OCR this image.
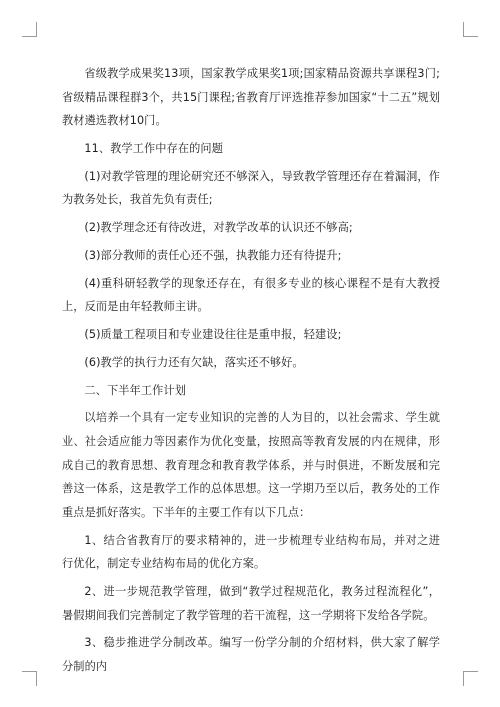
省级教学成果奖13项，国家教学成果奖1项;国家精品资源共享课程3门;省级精品课程群3个，共15门课程;省教育厅评选推荐参加国家“十二五”规划教材遴选教材10门。

11、教学工作中存在的问题

(1)对教学管理的理论研究还不够深入，导致教学管理还存在着漏洞，作为教务处长，我首先负有责任;

(2)教学理念还有待改进，对教学改革的认识还不够高;

(3)部分教师的责任心还不强，执教能力还有待提升;

(4)重科研轻教学的现象还存在，有很多专业的核心课程不是有大教授上，反而是由年轻教师主讲。

(5)质量工程项目和专业建设往往是重申报，轻建设;

(6)教学的执行力还有欠缺，落实还不够好。

二、下半年工作计划

以培养一个具有一定专业知识的完善的人为目的，以社会需求、学生就业、社会适应能力等因素作为优化变量，按照高等教育发展的内在规律，形成自己的教育思想、教育理念和教育教学体系，并与时俱进，不断发展和完善这一体系，这是教学工作的总体思想。这一学期乃至以后，教务处的工作重点是抓好落实。下半年的主要工作有以下几点：

1、结合省教育厅的要求精神的，进一步梳理专业结构布局，并对之进行优化，制定专业结构布局的优化方案。

2、进一步规范教学管理，做到“教学过程规范化，教务过程流程化”，暑假期间我们完善制定了教学管理的若干流程，这一学期将下发给各学院。

3、稳步推进学分制改革。编写一份学分制的介绍材料，供大家了解学分制的内
